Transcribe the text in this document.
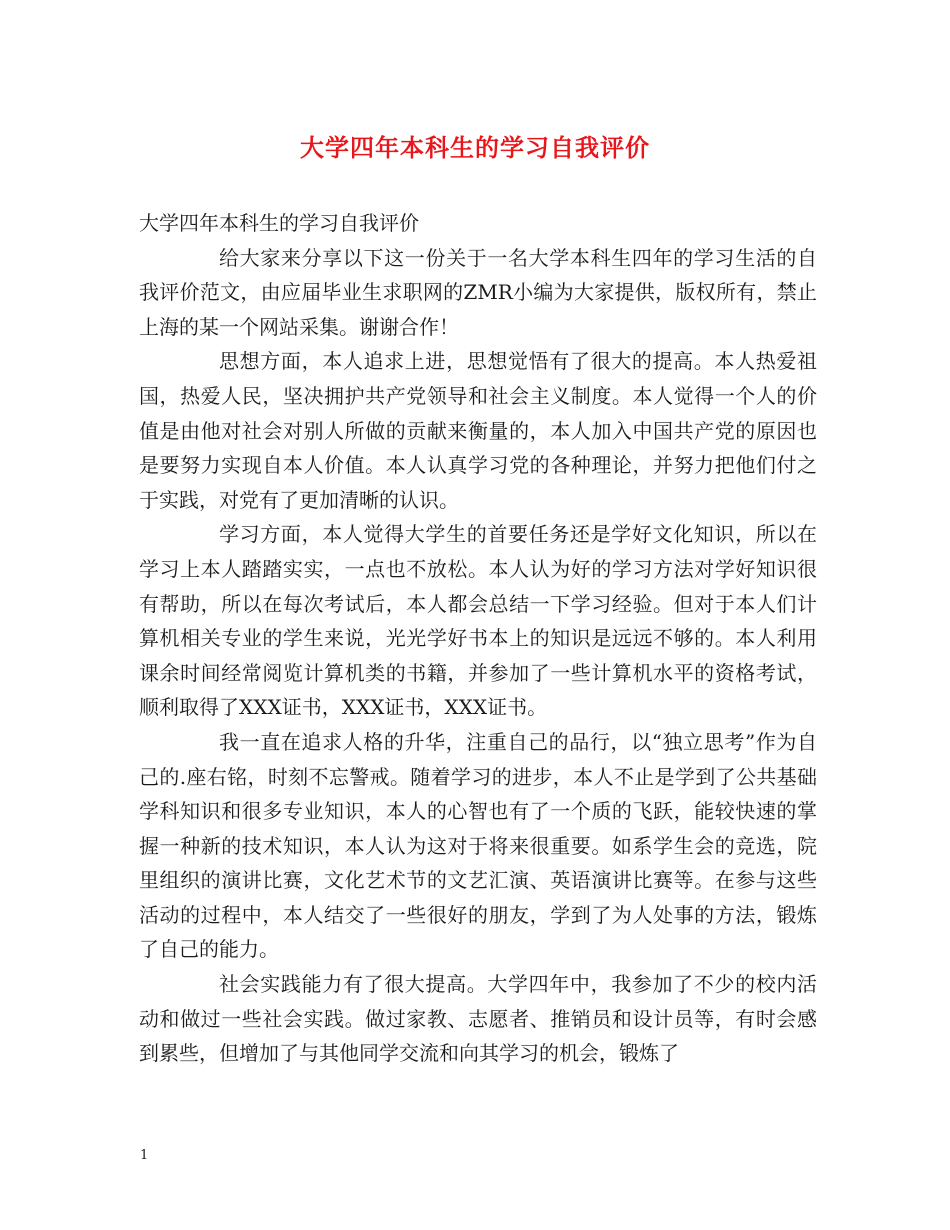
大学四年本科生的学习自我评价

大学四年本科生的学习自我评价

给大家来分享以下这一份关于一名大学本科生四年的学习生活的自我评价范文，由应届毕业生求职网的ZMR小编为大家提供，版权所有，禁止上海的某一个网站采集。谢谢合作！

思想方面，本人追求上进，思想觉悟有了很大的提高。本人热爱祖国，热爱人民，坚决拥护共产党领导和社会主义制度。本人觉得一个人的价值是由他对社会对别人所做的贡献来衡量的，本人加入中国共产党的原因也是要努力实现自本人价值。本人认真学习党的各种理论，并努力把他们付之于实践，对党有了更加清晰的认识。

学习方面，本人觉得大学生的首要任务还是学好文化知识，所以在学习上本人踏踏实实，一点也不放松。本人认为好的学习方法对学好知识很有帮助，所以在每次考试后，本人都会总结一下学习经验。但对于本人们计算机相关专业的学生来说，光光学好书本上的知识是远远不够的。本人利用课余时间经常阅览计算机类的书籍，并参加了一些计算机水平的资格考试，顺利取得了XXX证书，XXX证书，XXX证书。

我一直在追求人格的升华，注重自己的品行，以“独立思考”作为自己的.座右铭，时刻不忘警戒。随着学习的进步，本人不止是学到了公共基础学科知识和很多专业知识，本人的心智也有了一个质的飞跃，能较快速的掌握一种新的技术知识，本人认为这对于将来很重要。如系学生会的竞选，院里组织的演讲比赛，文化艺术节的文艺汇演、英语演讲比赛等。在参与这些活动的过程中，本人结交了一些很好的朋友，学到了为人处事的方法，锻炼了自己的能力。

社会实践能力有了很大提高。大学四年中，我参加了不少的校内活动和做过一些社会实践。做过家教、志愿者、推销员和设计员等，有时会感到累些，但增加了与其他同学交流和向其学习的机会，锻炼了

1
